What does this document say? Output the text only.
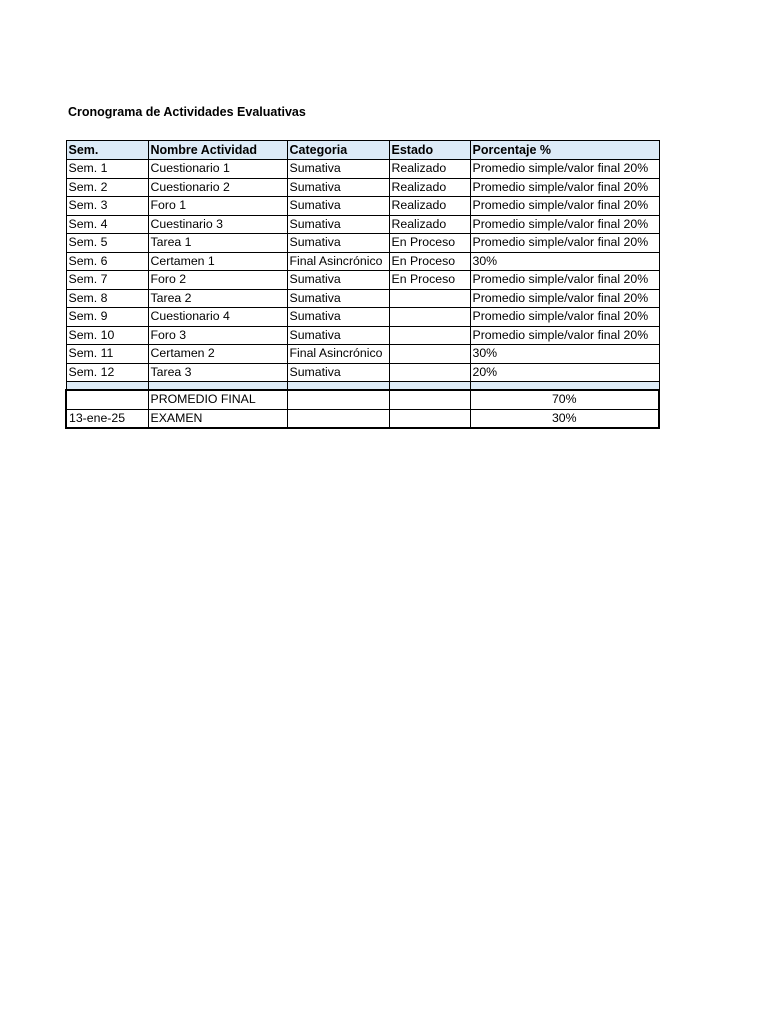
Cronograma de Actividades Evaluativas
Sem.	Nombre Actividad	Categoria	Estado	Porcentaje %
Sem. 1	Cuestionario 1	Sumativa	Realizado	Promedio simple/valor final 20%
Sem. 2	Cuestionario 2	Sumativa	Realizado	Promedio simple/valor final 20%
Sem. 3	Foro 1	Sumativa	Realizado	Promedio simple/valor final 20%
Sem. 4	Cuestinario 3	Sumativa	Realizado	Promedio simple/valor final 20%
Sem. 5	Tarea 1	Sumativa	En Proceso	Promedio simple/valor final 20%
Sem. 6	Certamen 1	Final Asincrónico	En Proceso	30%
Sem. 7	Foro 2	Sumativa	En Proceso	Promedio simple/valor final 20%
Sem. 8	Tarea 2	Sumativa		Promedio simple/valor final 20%
Sem. 9	Cuestionario 4	Sumativa		Promedio simple/valor final 20%
Sem. 10	Foro 3	Sumativa		Promedio simple/valor final 20%
Sem. 11	Certamen 2	Final Asincrónico		30%
Sem. 12	Tarea 3	Sumativa		20%

	PROMEDIO FINAL			70%
13-ene-25	EXAMEN			30%
